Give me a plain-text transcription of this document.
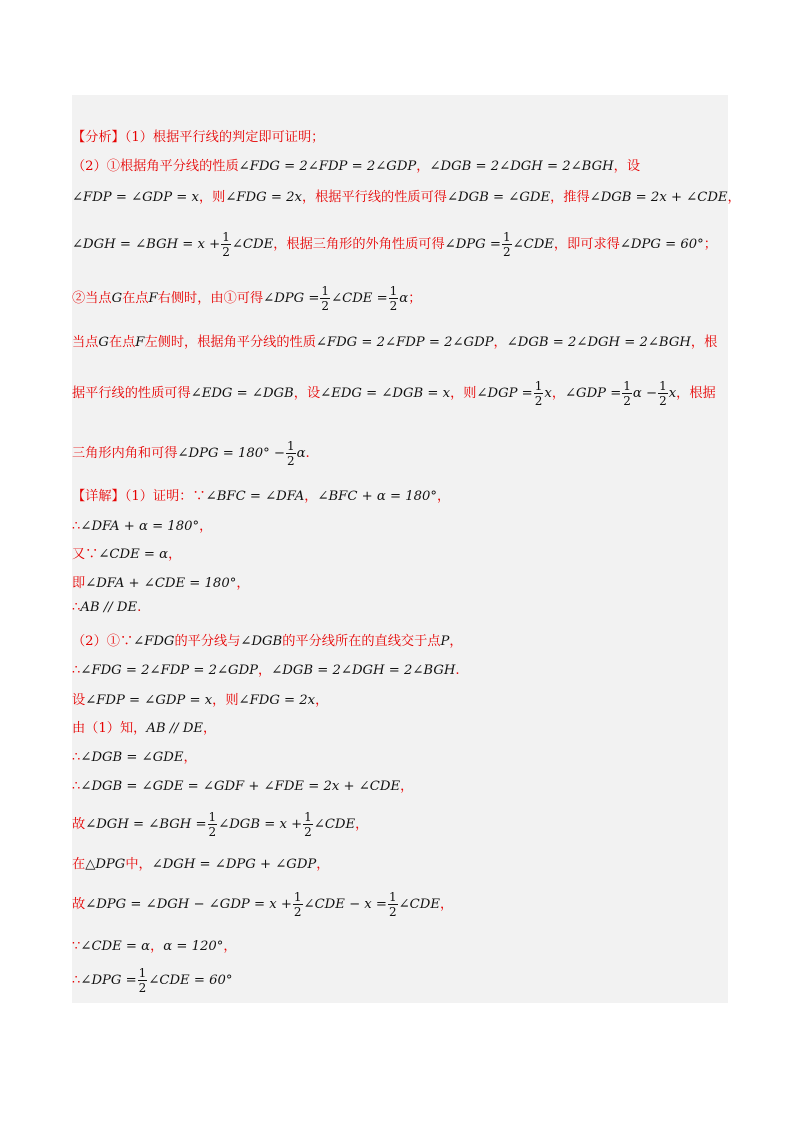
【分析】（1）根据平行线的判定即可证明；
（2）①根据角平分线的性质∠FDG = 2∠FDP = 2∠GDP，∠DGB = 2∠DGH = 2∠BGH，设
∠FDP = ∠GDP = x，则∠FDG = 2x，根据平行线的性质可得∠DGB = ∠GDE，推得∠DGB = 2x + ∠CDE，
∠DGH = ∠BGH = $x + \frac{1}{2}$ ∠CDE，根据三角形的外角性质可得∠DPG = $\frac{1}{2}$ ∠CDE，即可求得∠DPG = 60°；
②当点G在点F右侧时，由①可得∠DPG = $\frac{1}{2}$ ∠CDE = $\frac{1}{2}$ α；
当点G在点F左侧时，根据角平分线的性质∠FDG = 2∠FDP = 2∠GDP，∠DGB = 2∠DGH = 2∠BGH，根
据平行线的性质可得∠EDG = ∠DGB，设∠EDG = ∠DGB = x，则∠DGP = $\frac{1}{2}$ x，∠GDP = $\frac{1}{2}$ $\alpha - \frac{1}{2}$ x，根据
三角形内角和可得∠DPG = $180^\circ - \frac{1}{2} \alpha$.
【详解】（1）证明：∵∠BFC = ∠DFA，∠BFC + α = 180°，
∴∠DFA + α = 180°，
又∵∠CDE = α，
即∠DFA + ∠CDE = 180°，
∴AB // DE.
（2）①∵∠FDG的平分线与∠DGB的平分线所在的直线交于点P，
∴∠FDG = 2∠FDP = 2∠GDP，∠DGB = 2∠DGH = 2∠BGH.
设∠FDP = ∠GDP = x，则∠FDG = 2x，
由（1）知，AB // DE，
∴∠DGB = ∠GDE，
∴∠DGB = ∠GDE = ∠GDF + ∠FDE = 2x + ∠CDE，
故∠DGH = ∠BGH = $\frac{1}{2}$ ∠DGB = $x + \frac{1}{2}$ ∠CDE，
在△DPG中，∠DGH = ∠DPG + ∠GDP，
故∠DPG = ∠DGH − ∠GDP = $x + \frac{1}{2}$ ∠CDE − $x = \frac{1}{2}$ ∠CDE，
∵∠CDE = α，α = 120°，
∴∠DPG = $\frac{1}{2}$ ∠CDE = 60°
